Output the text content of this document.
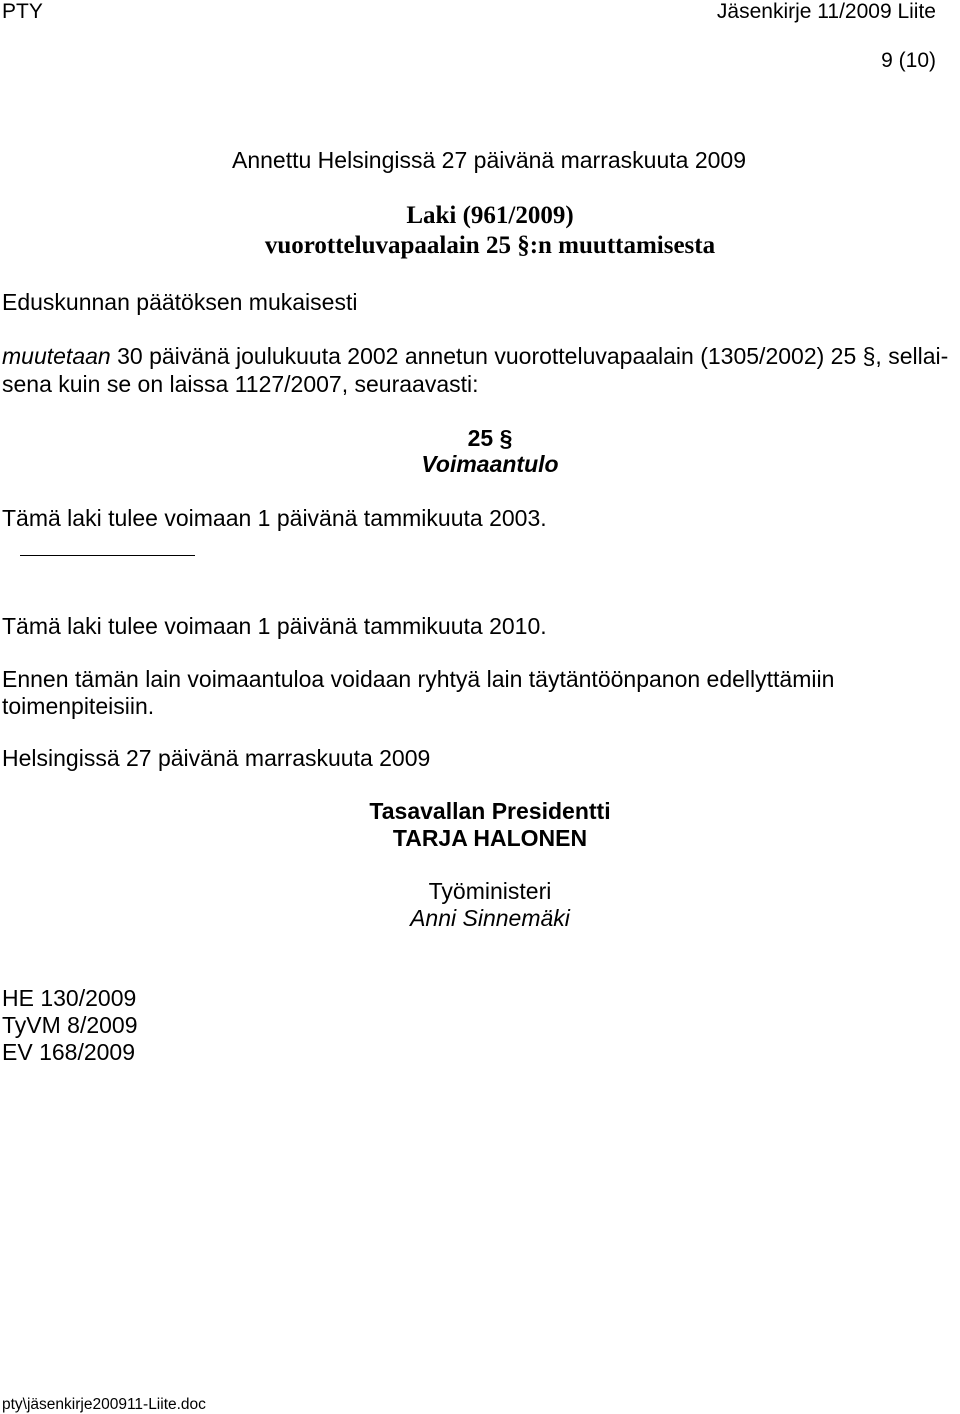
PTY	Jäsenkirje 11/2009 Liite
9 (10)
Annettu Helsingissä 27 päivänä marraskuuta 2009
Laki (961/2009)
vuorotteluvapaalain 25 §:n muuttamisesta
Eduskunnan päätöksen mukaisesti
muutetaan 30 päivänä joulukuuta 2002 annetun vuorotteluvapaalain (1305/2002) 25 §, sellai-
sena kuin se on laissa 1127/2007, seuraavasti:
25 §
Voimaantulo
Tämä laki tulee voimaan 1 päivänä tammikuuta 2003.
Tämä laki tulee voimaan 1 päivänä tammikuuta 2010.
Ennen tämän lain voimaantuloa voidaan ryhtyä lain täytäntöönpanon edellyttämiin
toimenpiteisiin.
Helsingissä 27 päivänä marraskuuta 2009
Tasavallan Presidentti
TARJA HALONEN
Työministeri
Anni Sinnemäki
HE 130/2009
TyVM 8/2009
EV 168/2009
pty\jäsenkirje200911-Liite.doc
